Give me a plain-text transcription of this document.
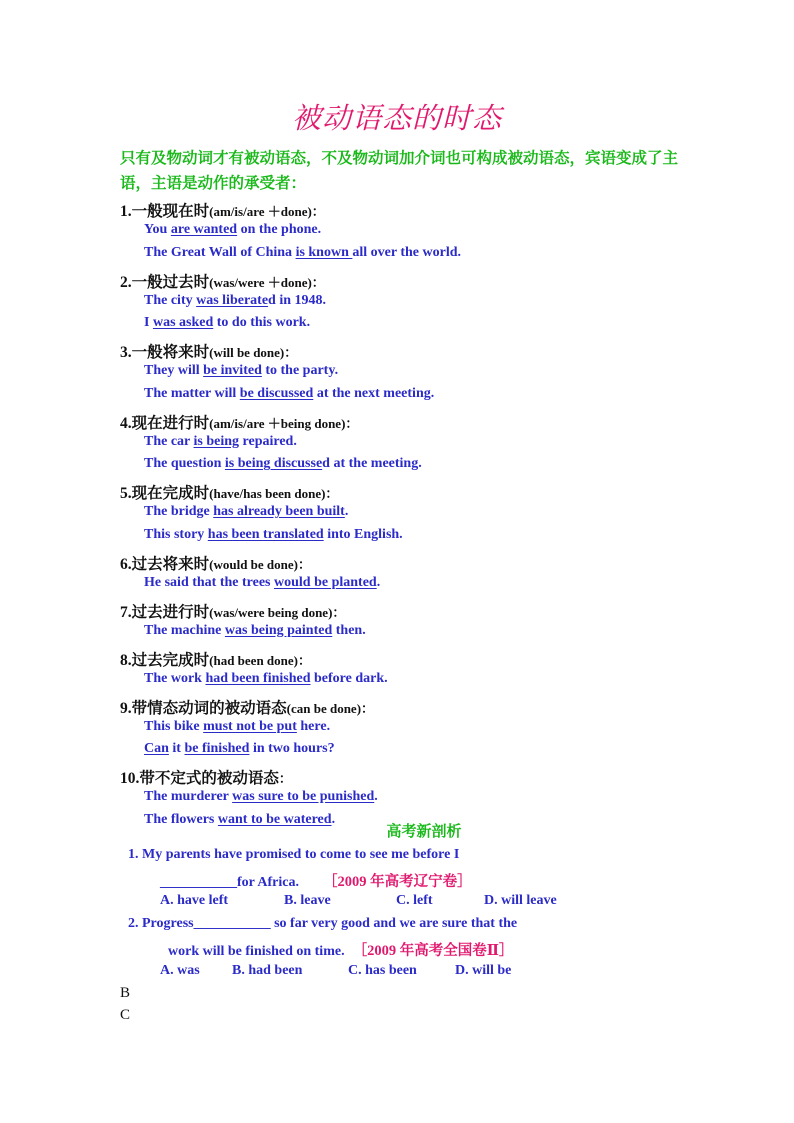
被动语态的时态
只有及物动词才有被动语态，不及物动词加介词也可构成被动语态，宾语变成了主语，主语是动作的承受者：
1.一般现在时(am/is/are ＋done)：
You are wanted on the phone.
The Great Wall of China is known all over the world.
2.一般过去时(was/were ＋done)：
The city was liberated in 1948.
I was asked to do this work.
3.一般将来时(will be done)：
They will be invited to the party.
The matter will be discussed at the next meeting.
4.现在进行时(am/is/are ＋being done)：
The car is being repaired.
The question is being discussed at the meeting.
5.现在完成时(have/has been done)：
The bridge has already been built.
This story has been translated into English.
6.过去将来时(would be done)：
He said that the trees would be planted.
7.过去进行时(was/were being done)：
The machine was being painted then.
8.过去完成时(had been done)：
The work had been finished before dark.
9.带情态动词的被动语态(can be done)：
This bike must not be put here.
Can it be finished in two hours?
10.带不定式的被动语态：
The murderer was sure to be punished.
The flowers want to be watered.
高考新剖析
1. My parents have promised to come to see me before I
___________for Africa. ［2009 年高考辽宁卷］
A. have left	B. leave	C. left	D. will leave
2. Progress___________ so far very good and we are sure that the
work will be finished on time. ［2009 年高考全国卷Ⅱ］
A. was B. had been	C. has been	D. will be
B
C
